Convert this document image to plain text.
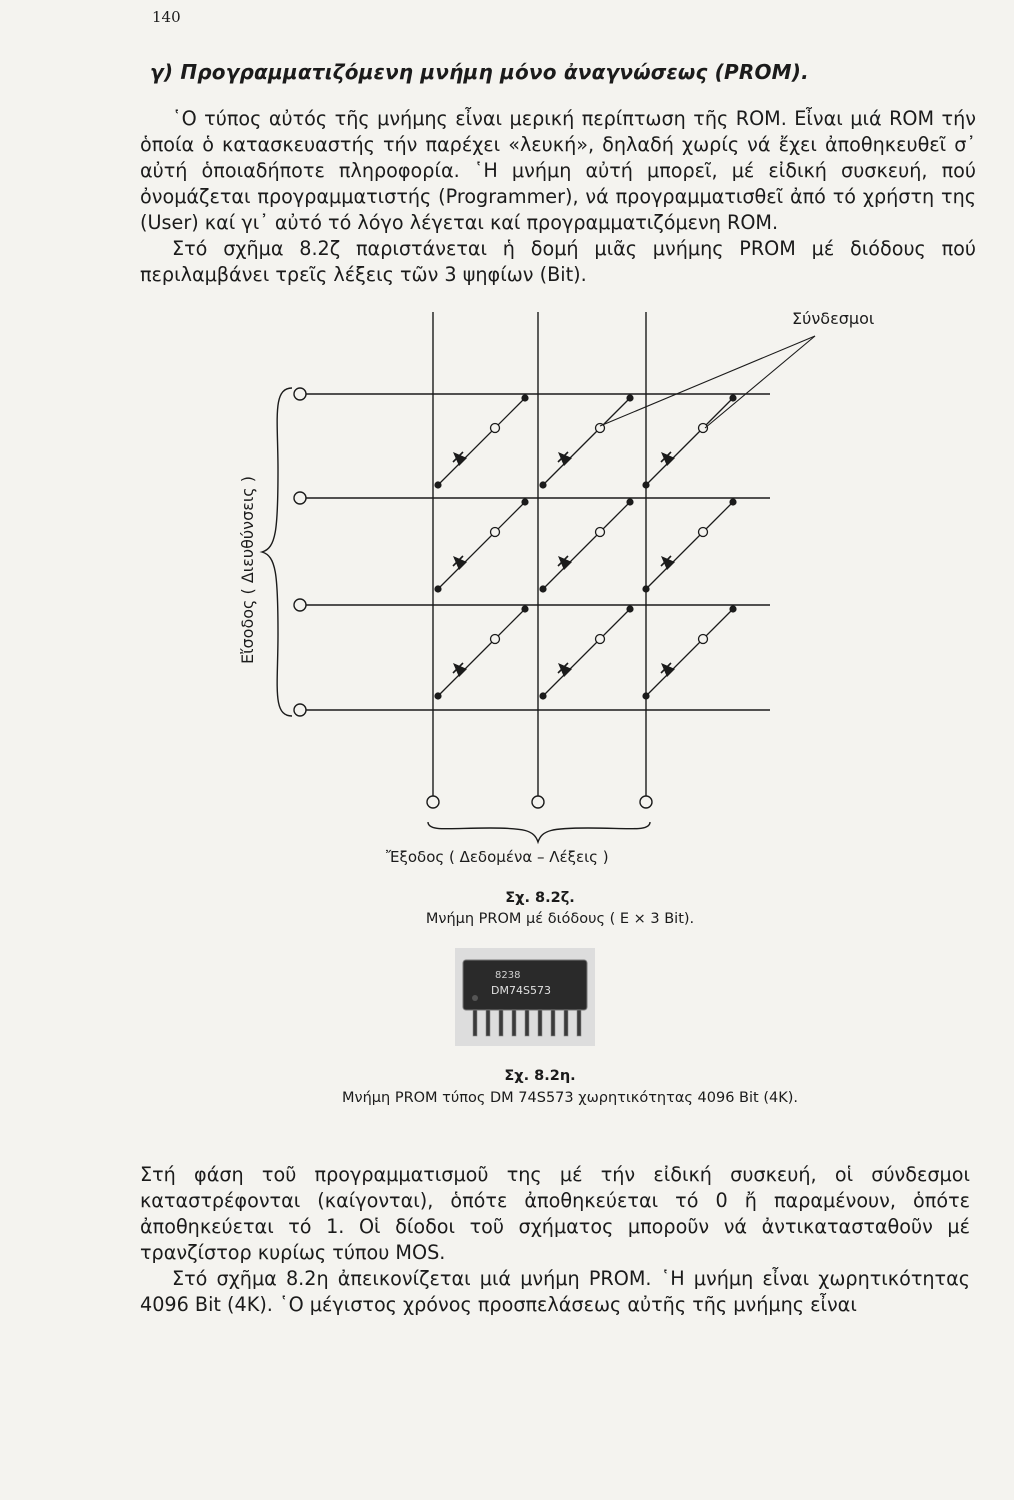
140
γ) Προγραμματιζόμενη μνήμη μόνο ἀναγνώσεως (PROM).

῾Ο τύπος αὐτός τῆς μνήμης εἶναι μερική περίπτωση τῆς ROM. Εἶναι μιά ROM τήν ὁποία ὁ κατασκευαστής τήν παρέχει «λευκή», δηλαδή χωρίς νά ἔχει ἀποθηκευθεῖ σ᾽ αὐτή ὁποιαδήποτε πληροφορία. ῾Η μνήμη αὐτή μπορεῖ, μέ εἰδική συσκευή, πού ὀνομάζεται προγραμματιστής (Programmer), νά προγραμματισθεῖ ἀπό τό χρήστη της (User) καί γι᾽ αὐτό τό λόγο λέγεται καί προγραμματιζόμενη ROM.

Στό σχῆμα 8.2ζ παριστάνεται ἡ δομή μιᾶς μνήμης PROM μέ διόδους πού περιλαμβάνει τρεῖς λέξεις τῶν 3 ψηφίων (Bit).

Σύνδεσμοι
Εἴσοδος ( Διευθύνσεις )
Ἔξοδος ( Δεδομένα – Λέξεις )
Σχ. 8.2ζ.
Μνήμη PROM μέ διόδους ( E × 3 Bit).
8238
DM74S573
Σχ. 8.2η.
Μνήμη PROM τύπος DM 74S573 χωρητικότητας 4096 Bit (4K).

Στή φάση τοῦ προγραμματισμοῦ της μέ τήν εἰδική συσκευή, οἱ σύνδεσμοι καταστρέφονται (καίγονται), ὁπότε ἀποθηκεύεται τό 0 ἤ παραμένουν, ὁπότε ἀποθηκεύεται τό 1. Οἱ δίοδοι τοῦ σχήματος μποροῦν νά ἀντικατασταθοῦν μέ τρανζίστορ κυρίως τύπου MOS.

Στό σχῆμα 8.2η ἀπεικονίζεται μιά μνήμη PROM. ῾Η μνήμη εἶναι χωρητικότητας 4096 Bit (4K). ῾Ο μέγιστος χρόνος προσπελάσεως αὐτῆς τῆς μνήμης εἶναι
